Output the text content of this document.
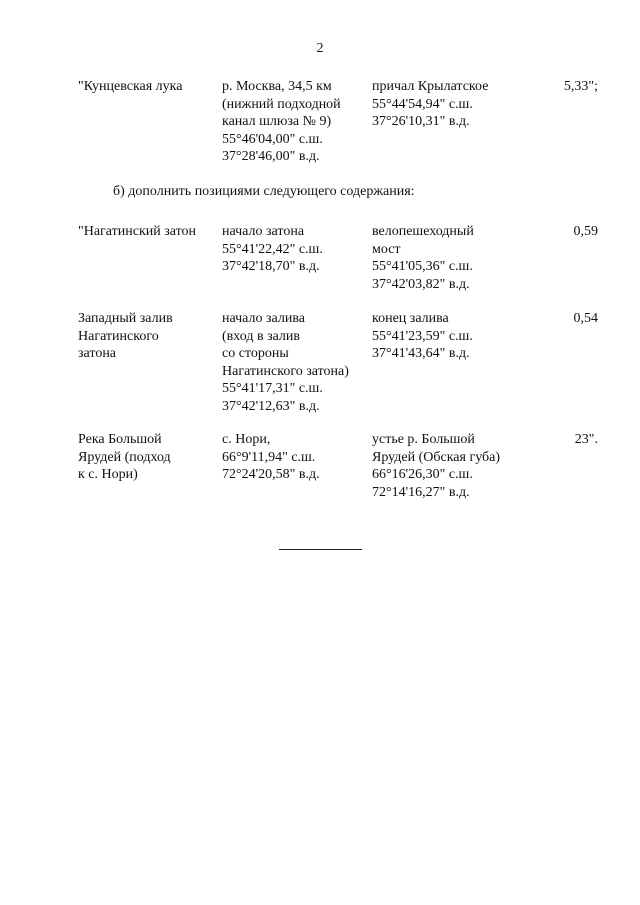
2
"Кунцевская лука	р. Москва, 34,5 км
(нижний подходной
канал шлюза № 9)
55°46'04,00" с.ш.
37°28'46,00" в.д.
причал Крылатское
55°44'54,94" с.ш.
37°26'10,31" в.д.
5,33";
б) дополнить позициями следующего содержания:
"Нагатинский затон	начало затона
55°41'22,42" с.ш.
37°42'18,70" в.д.
велопешеходный
мост
55°41'05,36" с.ш.
37°42'03,82" в.д.
0,59
Западный залив
Нагатинского
затона
начало залива
(вход в залив
со стороны
Нагатинского затона)
55°41'17,31" с.ш.
37°42'12,63" в.д.
конец залива
55°41'23,59" с.ш.
37°41'43,64" в.д.
0,54
Река Большой
Ярудей (подход
к с. Нори)
с. Нори,
66°9'11,94" с.ш.
72°24'20,58" в.д.
устье р. Большой
Ярудей (Обская губа)
66°16'26,30" с.ш.
72°14'16,27" в.д.
23".
